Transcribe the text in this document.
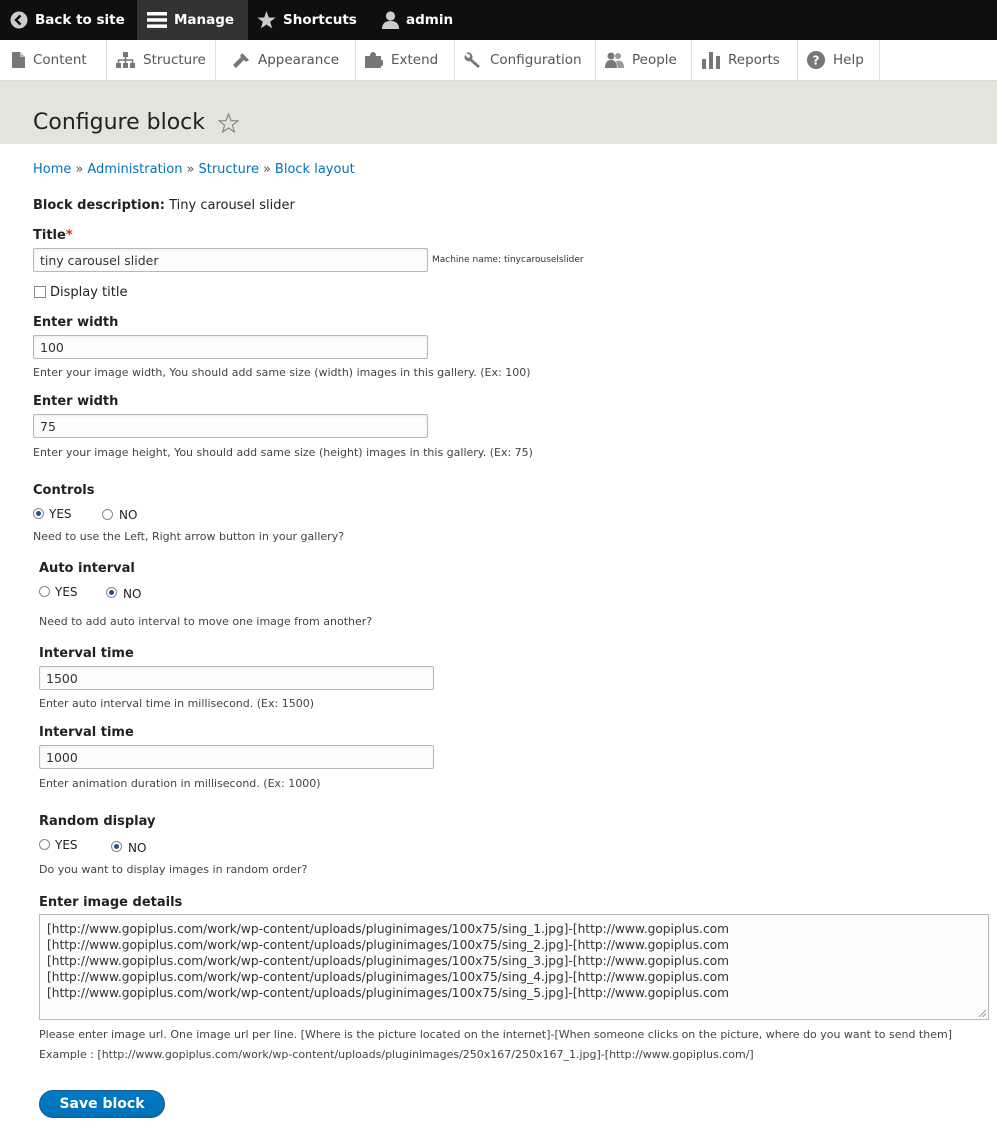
Back to site	Manage	Shortcuts	admin
Content	Structure	Appearance	Extend	Configuration	People	Reports	? Help
Configure block
Home » Administration » Structure » Block layout
Block description: Tiny carousel slider
Title*
tiny carousel slider
Machine name: tinycarouselslider
Display title
Enter width
100
Enter your image width, You should add same size (width) images in this gallery. (Ex: 100)
Enter width
75
Enter your image height, You should add same size (height) images in this gallery. (Ex: 75)
Controls
YES	NO
Need to use the Left, Right arrow button in your gallery?
Auto interval
YES	NO
Need to add auto interval to move one image from another?
Interval time
1500
Enter auto interval time in millisecond. (Ex: 1500)
Interval time
1000
Enter animation duration in millisecond. (Ex: 1000)
Random display
YES	NO
Do you want to display images in random order?
Enter image details
[http://www.gopiplus.com/work/wp-content/uploads/pluginimages/100x75/sing_1.jpg]-[http://www.gopiplus.com
[http://www.gopiplus.com/work/wp-content/uploads/pluginimages/100x75/sing_2.jpg]-[http://www.gopiplus.com
[http://www.gopiplus.com/work/wp-content/uploads/pluginimages/100x75/sing_3.jpg]-[http://www.gopiplus.com
[http://www.gopiplus.com/work/wp-content/uploads/pluginimages/100x75/sing_4.jpg]-[http://www.gopiplus.com
[http://www.gopiplus.com/work/wp-content/uploads/pluginimages/100x75/sing_5.jpg]-[http://www.gopiplus.com
Please enter image url. One image url per line. [Where is the picture located on the internet]-[When someone clicks on the picture, where do you want to send them]
Example : [http://www.gopiplus.com/work/wp-content/uploads/pluginimages/250x167/250x167_1.jpg]-[http://www.gopiplus.com/]
Save block
